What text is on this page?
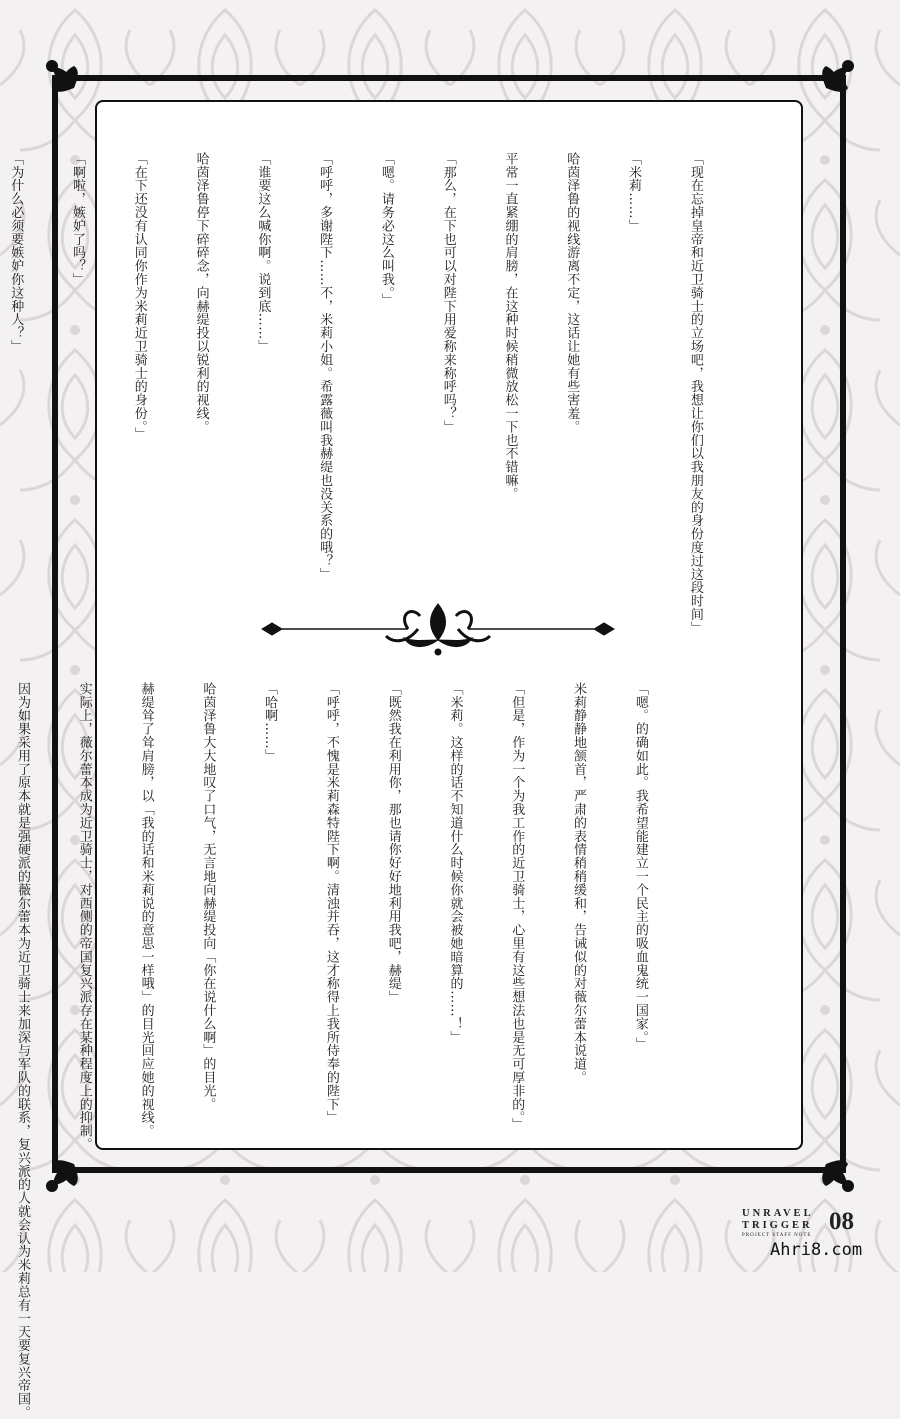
「现在忘掉皇帝和近卫骑士的立场吧，我想让你们以我朋友的身份度过这段时间」

「米莉……」

哈茵泽鲁的视线游离不定，这话让她有些害羞。

平常一直紧绷的肩膀，在这种时候稍微放松一下也不错嘛。

「那么，在下也可以对陛下用爱称来称呼吗？」

「嗯。请务必这么叫我。」

「呼呼，多谢陛下……不，米莉小姐。希露薇叫我赫缇也没关系的哦？」

「谁要这么喊你啊。说到底……」

哈茵泽鲁停下碎碎念，向赫缇投以锐利的视线。

「在下还没有认同你作为米莉近卫骑士的身份。」

「啊啦，嫉妒了吗？」

「为什么必须要嫉妒你这种人？」

「嗯。的确如此。我希望能建立一个民主的吸血鬼统一国家。」

米莉静静地颔首，严肃的表情稍稍缓和，告诫似的对薇尔蕾本说道。

「但是，作为一个为我工作的近卫骑士，心里有这些想法也是无可厚非的。」

「米莉。这样的话不知道什么时候你就会被她暗算的……！」

「既然我在利用你，那也请你好好地利用我吧，赫缇」

「呼呼，不愧是米莉森特陛下啊。清浊并吞，这才称得上我所侍奉的陛下」

「哈啊……」

哈茵泽鲁大大地叹了口气，无言地向赫缇投向「你在说什么啊」的目光。

赫缇耸了耸肩膀，以「我的话和米莉说的意思一样哦」的目光回应她的视线。

实际上，薇尔蕾本成为近卫骑士，对西侧的帝国复兴派存在某种程度上的抑制。

因为如果采用了原本就是强硬派的薇尔蕾本为近卫骑士来加深与军队的联系，复兴派的人就会认为米莉总有一天要复兴帝国。

	UNRAVEL
TRIGGER
PROJECT STAFF NOTE
08
Ahri8.com
